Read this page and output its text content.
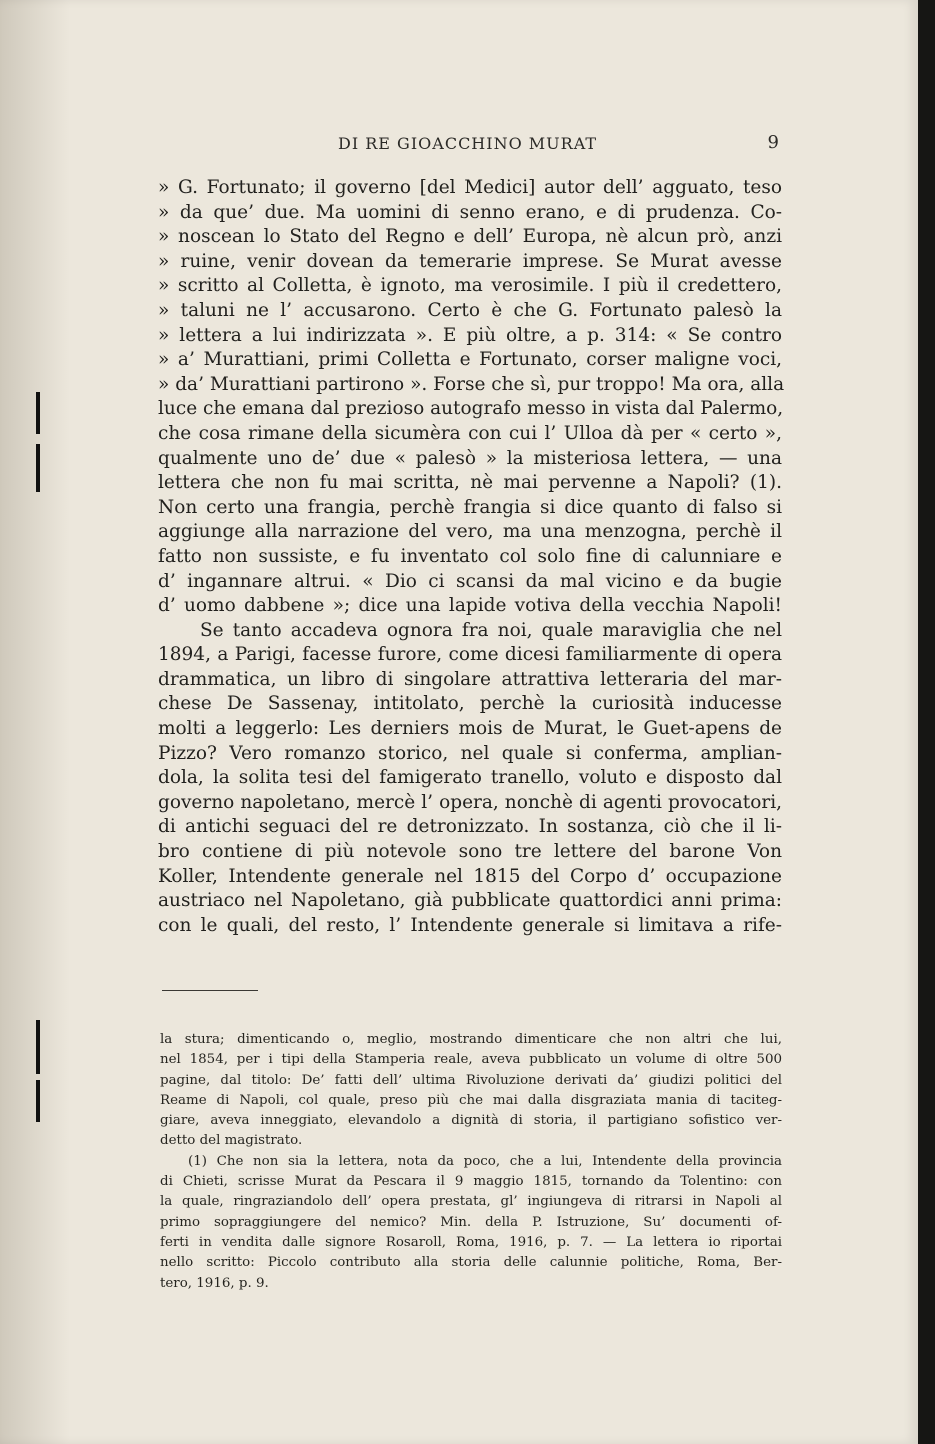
DI RE GIOACCHINO MURAT	9
» G. Fortunato; il governo [del Medici] autor dell’ agguato, teso
» da que’ due. Ma uomini di senno erano, e di prudenza. Co-
» noscean lo Stato del Regno e dell’ Europa, nè alcun prò, anzi
» ruine, venir dovean da temerarie imprese. Se Murat avesse
» scritto al Colletta, è ignoto, ma verosimile. I più il credettero,
» taluni ne l’ accusarono. Certo è che G. Fortunato palesò la
» lettera a lui indirizzata ». E più oltre, a p. 314: « Se contro
» a’ Murattiani, primi Colletta e Fortunato, corser maligne voci,
» da’ Murattiani partirono ». Forse che sì, pur troppo! Ma ora, alla
luce che emana dal prezioso autografo messo in vista dal Palermo,
che cosa rimane della sicumèra con cui l’ Ulloa dà per « certo »,
qualmente uno de’ due « palesò » la misteriosa lettera, — una
lettera che non fu mai scritta, nè mai pervenne a Napoli? (1).
Non certo una frangia, perchè frangia si dice quanto di falso si
aggiunge alla narrazione del vero, ma una menzogna, perchè il
fatto non sussiste, e fu inventato col solo fine di calunniare e
d’ ingannare altrui. « Dio ci scansi da mal vicino e da bugie
d’ uomo dabbene »; dice una lapide votiva della vecchia Napoli!
Se tanto accadeva ognora fra noi, quale maraviglia che nel
1894, a Parigi, facesse furore, come dicesi familiarmente di opera
drammatica, un libro di singolare attrattiva letteraria del mar-
chese De Sassenay, intitolato, perchè la curiosità inducesse
molti a leggerlo: Les derniers mois de Murat, le Guet-apens de
Pizzo? Vero romanzo storico, nel quale si conferma, amplian-
dola, la solita tesi del famigerato tranello, voluto e disposto dal
governo napoletano, mercè l’ opera, nonchè di agenti provocatori,
di antichi seguaci del re detronizzato. In sostanza, ciò che il li-
bro contiene di più notevole sono tre lettere del barone Von
Koller, Intendente generale nel 1815 del Corpo d’ occupazione
austriaco nel Napoletano, già pubblicate quattordici anni prima:
con le quali, del resto, l’ Intendente generale si limitava a rife-
la stura; dimenticando o, meglio, mostrando dimenticare che non altri che lui,
nel 1854, per i tipi della Stamperia reale, aveva pubblicato un volume di oltre 500
pagine, dal titolo: De’ fatti dell’ ultima Rivoluzione derivati da’ giudizi politici del
Reame di Napoli, col quale, preso più che mai dalla disgraziata mania di taciteg-
giare, aveva inneggiato, elevandolo a dignità di storia, il partigiano sofistico ver-
detto del magistrato.
(1) Che non sia la lettera, nota da poco, che a lui, Intendente della provincia
di Chieti, scrisse Murat da Pescara il 9 maggio 1815, tornando da Tolentino: con
la quale, ringraziandolo dell’ opera prestata, gl’ ingiungeva di ritrarsi in Napoli al
primo sopraggiungere del nemico? Min. della P. Istruzione, Su’ documenti of-
ferti in vendita dalle signore Rosaroll, Roma, 1916, p. 7. — La lettera io riportai
nello scritto: Piccolo contributo alla storia delle calunnie politiche, Roma, Ber-
tero, 1916, p. 9.
